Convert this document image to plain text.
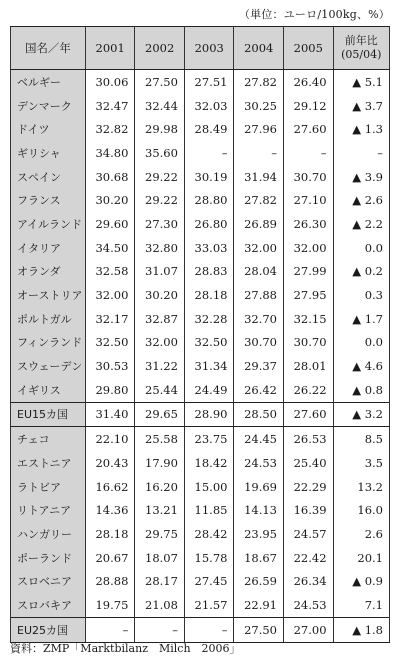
（単位：ユーロ/100kg、%）
国名／年	2001	2002	2003	2004	2005	前年比
(05/04)
ベルギー	30.06	27.50	27.51	27.82	26.40	▲ 5.1
デンマーク	32.47	32.44	32.03	30.25	29.12	▲ 3.7
ドイツ	32.82	29.98	28.49	27.96	27.60	▲ 1.3
ギリシャ	34.80	35.60	–	–	–	–
スペイン	30.68	29.22	30.19	31.94	30.70	▲ 3.9
フランス	30.20	29.22	28.80	27.82	27.10	▲ 2.6
アイルランド	29.60	27.30	26.80	26.89	26.30	▲ 2.2
イタリア	34.50	32.80	33.03	32.00	32.00	0.0
オランダ	32.58	31.07	28.83	28.04	27.99	▲ 0.2
オーストリア	32.00	30.20	28.18	27.88	27.95	0.3
ポルトガル	32.17	32.87	32.28	32.70	32.15	▲ 1.7
フィンランド	32.50	32.00	32.50	30.70	30.70	0.0
スウェーデン	30.53	31.22	31.34	29.37	28.01	▲ 4.6
イギリス	29.80	25.44	24.49	26.42	26.22	▲ 0.8
EU15カ国	31.40	29.65	28.90	28.50	27.60	▲ 3.2
チェコ	22.10	25.58	23.75	24.45	26.53	8.5
エストニア	20.43	17.90	18.42	24.53	25.40	3.5
ラトビア	16.62	16.20	15.00	19.69	22.29	13.2
リトアニア	14.36	13.21	11.85	14.13	16.39	16.0
ハンガリー	28.18	29.75	28.42	23.95	24.57	2.6
ポーランド	20.67	18.07	15.78	18.67	22.42	20.1
スロベニア	28.88	28.17	27.45	26.59	26.34	▲ 0.9
スロバキア	19.75	21.08	21.57	22.91	24.53	7.1
EU25カ国	–	–	–	27.50	27.00	▲ 1.8
資料：ZMP「Marktbilanz　Milch　2006」
